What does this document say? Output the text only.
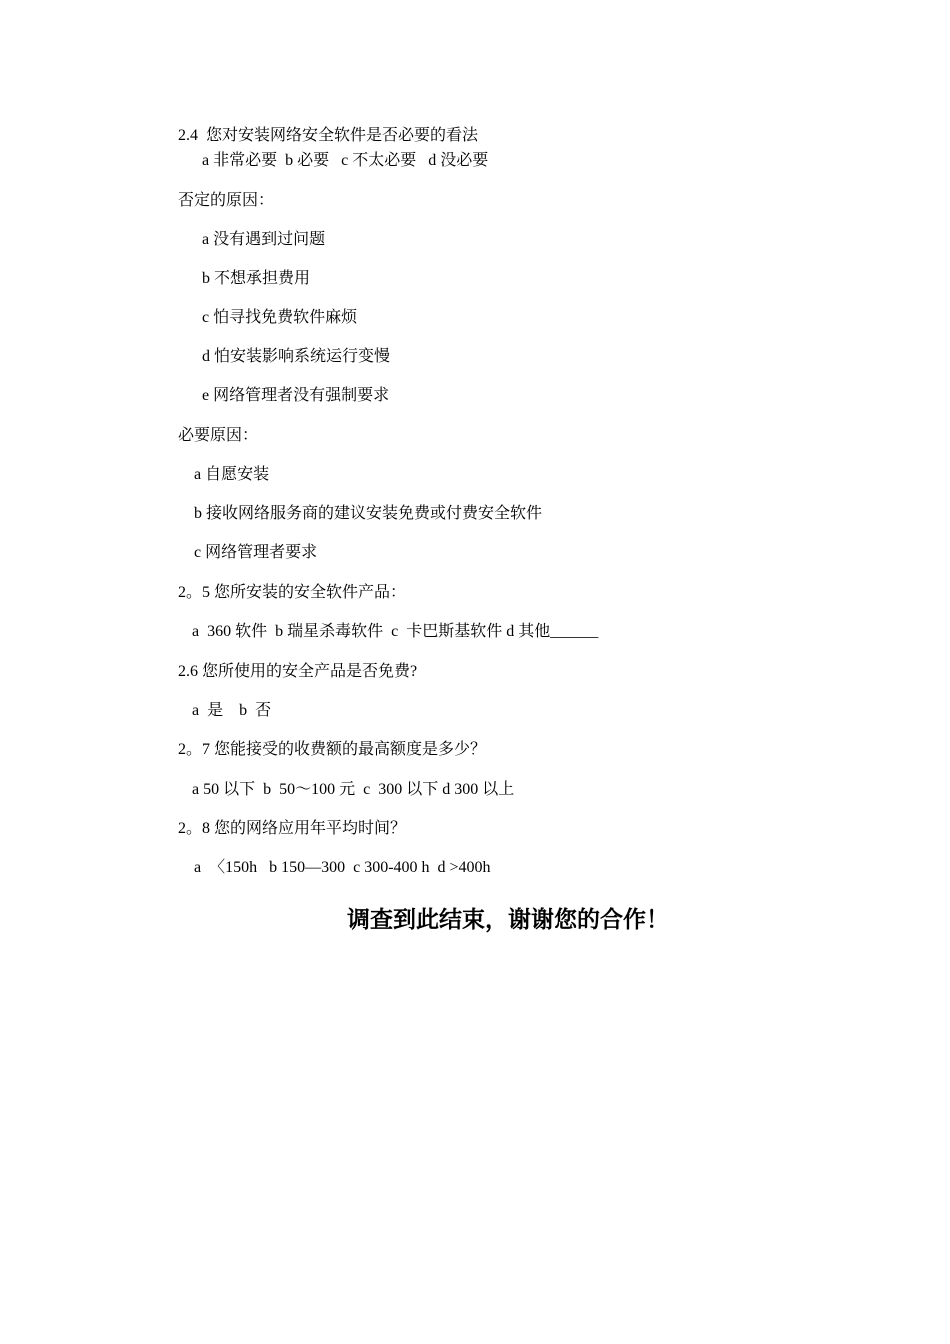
2.4  您对安装网络安全软件是否必要的看法
a 非常必要  b 必要   c 不太必要   d 没必要
否定的原因：
a 没有遇到过问题
b 不想承担费用
c 怕寻找免费软件麻烦
d 怕安装影响系统运行变慢
e 网络管理者没有强制要求
必要原因：
a 自愿安装
b 接收网络服务商的建议安装免费或付费安全软件
c 网络管理者要求
2。5 您所安装的安全软件产品：
a  360 软件  b 瑞星杀毒软件  c  卡巴斯基软件 d 其他______
2.6 您所使用的安全产品是否免费?
a  是    b  否
2。7 您能接受的收费额的最高额度是多少？
a 50 以下  b  50～100 元  c  300 以下 d 300 以上
2。8 您的网络应用年平均时间？
a  〈150h   b 150—300  c 300-400 h  d >400h
调查到此结束，谢谢您的合作！
